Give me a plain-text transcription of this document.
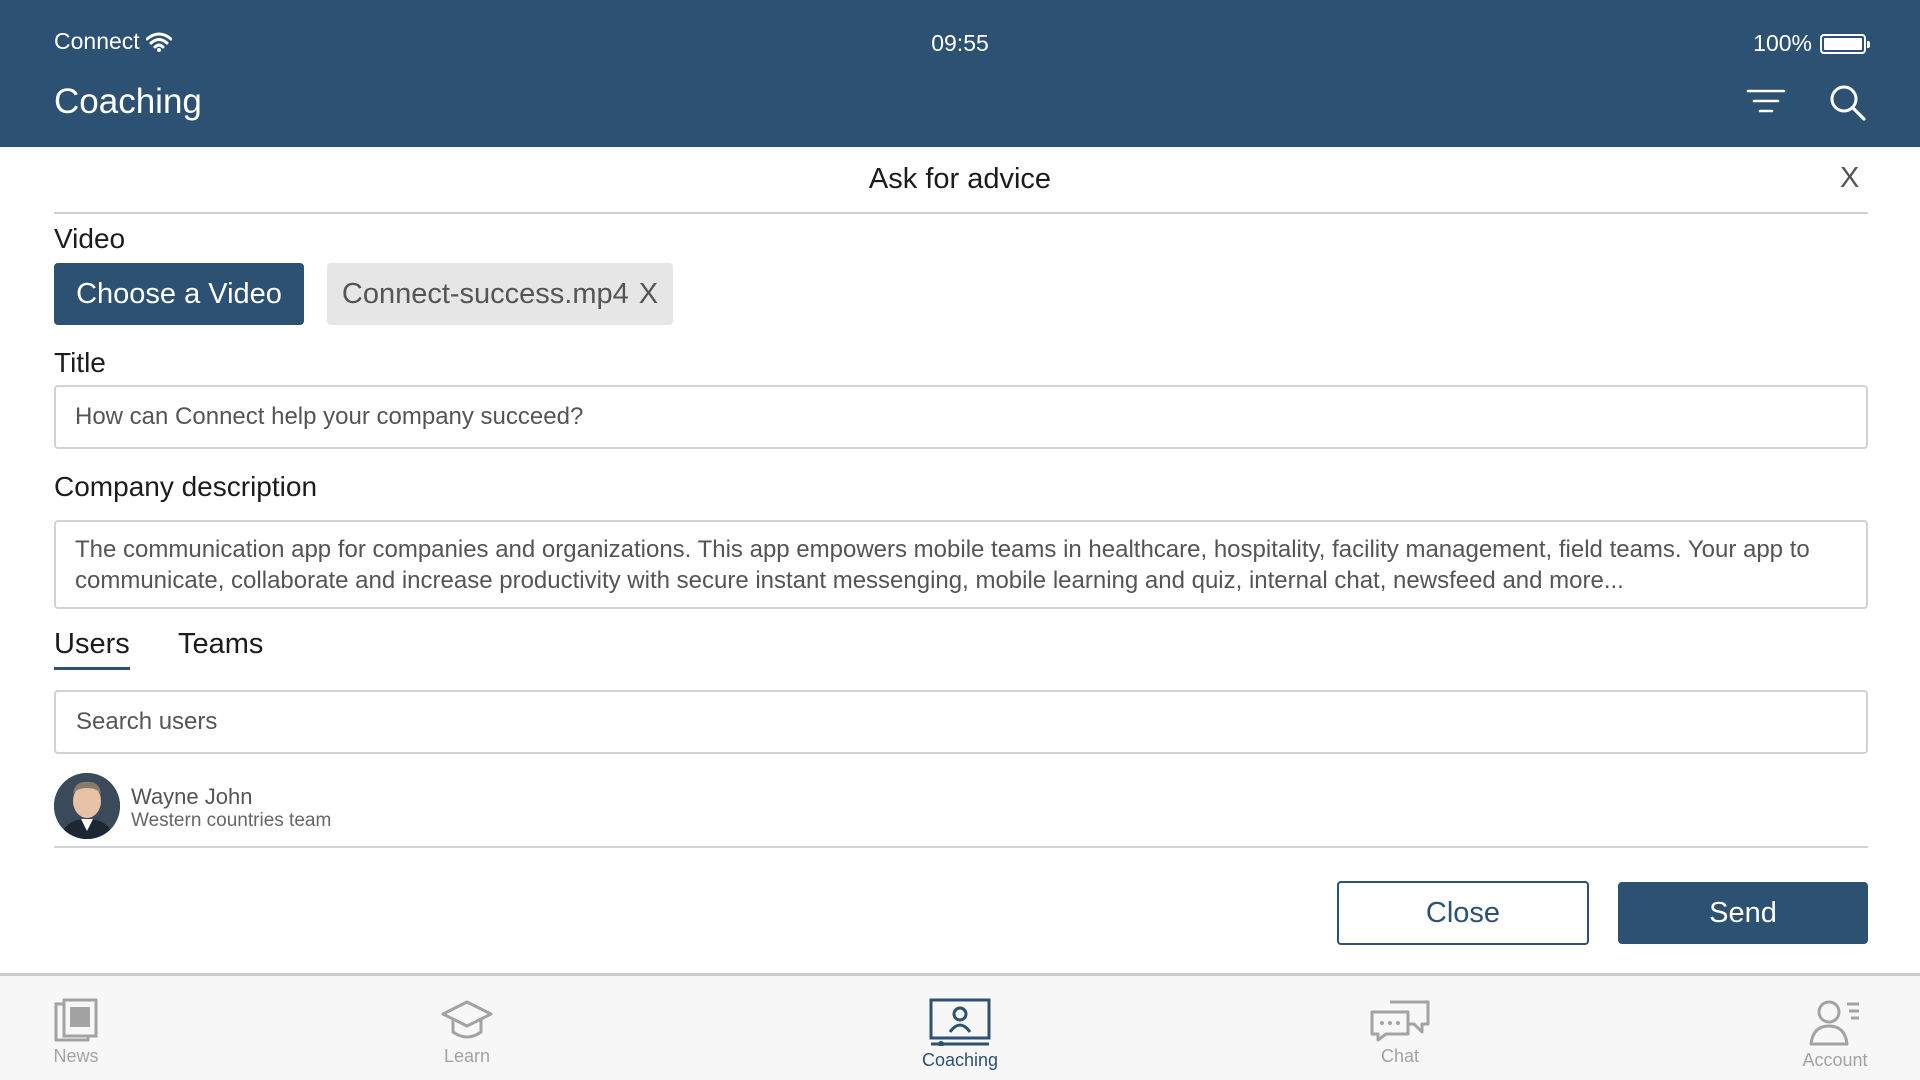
Connect	09:55	100%
Coaching
Ask for advice	X
Video
Choose a Video	Connect-success.mp4 X
Title
How can Connect help your company succeed?
Company description
The communication app for companies and organizations. This app empowers mobile teams in healthcare, hospitality, facility management, field teams. Your app to communicate, collaborate and increase productivity with secure instant messenging, mobile learning and quiz, internal chat, newsfeed and more...
Users Teams
Search users
Wayne John
Western countries team
Close	Send
News	Learn	Coaching	Chat	Account
